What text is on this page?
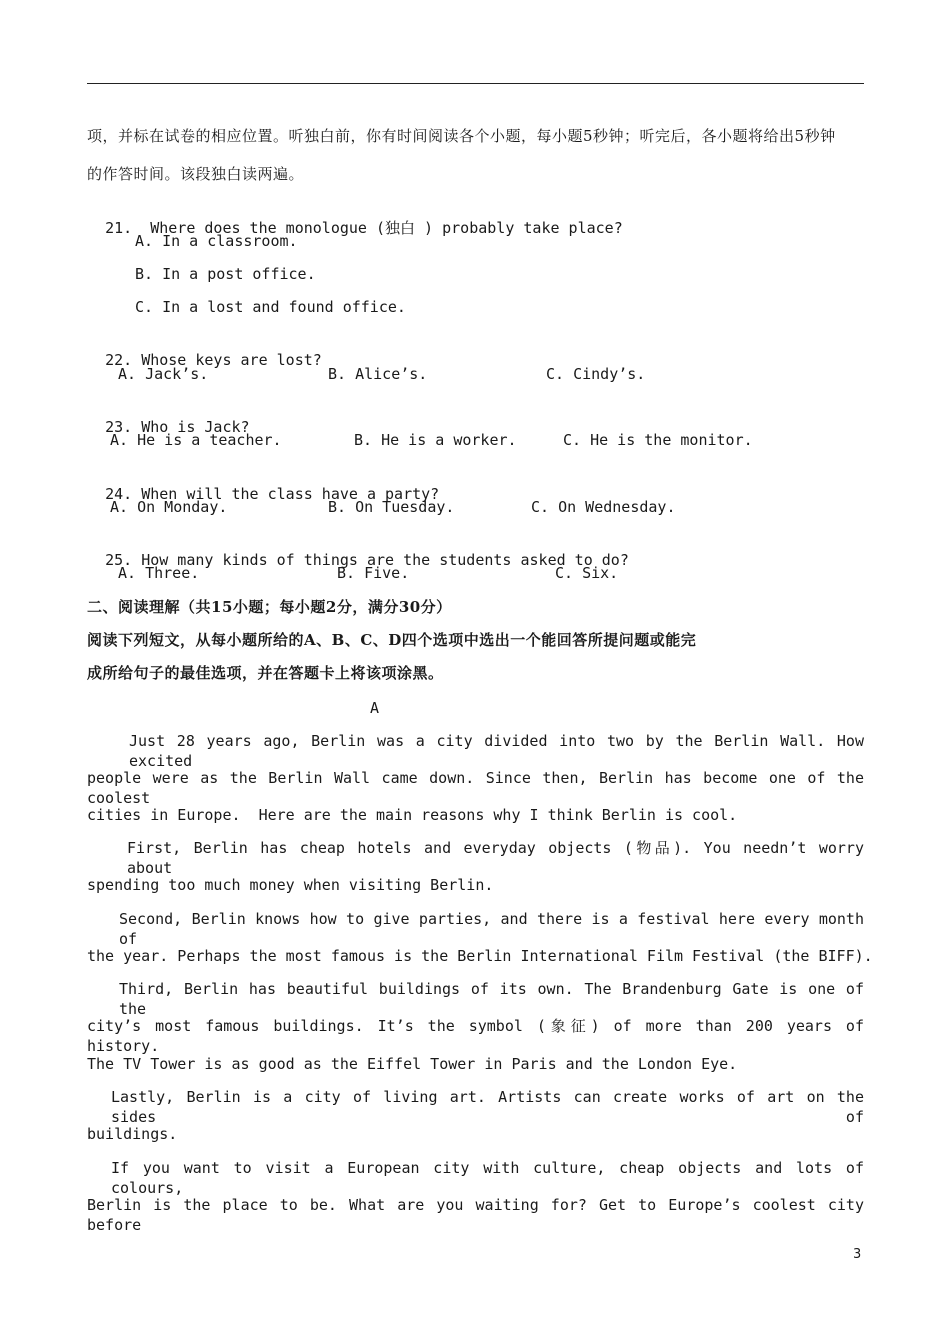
项，并标在试卷的相应位置。听独白前，你有时间阅读各个小题，每小题5秒钟；听完后，各小题将给出5秒钟
的作答时间。该段独白读两遍。

21. Where does the monologue (独白 ) probably take place?

A. In a classroom.
B. In a post office.
C. In a lost and found office.

22. Whose keys are lost?

A. Jack’s.

	B. Alice’s.

	C. Cindy’s.

23. Who is Jack?

A. He is a teacher.

	B. He is a worker.

	C. He is the monitor.

24. When will the class have a party?

A. On Monday.

	B. On Tuesday.

	C. On Wednesday.

25. How many kinds of things are the students asked to do?

A. Three.

	B. Five.

	C. Six.

二、阅读理解（共15小题；每小题2分，满分30分）
阅读下列短文，从每小题所给的A、B、C、D四个选项中选出一个能回答所提问题或能完
成所给句子的最佳选项，并在答题卡上将该项涂黑。
A
Just 28 years ago, Berlin was a city divided into two by the Berlin Wall. How excited
people were as the Berlin Wall came down. Since then, Berlin has become one of the coolest
cities in Europe.  Here are the main reasons why I think Berlin is cool.
First, Berlin has cheap hotels and everyday objects (物品). You needn’t worry about
spending too much money when visiting Berlin.
Second, Berlin knows how to give parties, and there is a festival here every month of
the year. Perhaps the most famous is the Berlin International Film Festival (the BIFF).
Third, Berlin has beautiful buildings of its own. The Brandenburg Gate is one of the
city’s most famous buildings. It’s the symbol (象征) of more than 200 years of history.
The TV Tower is as good as the Eiffel Tower in Paris and the London Eye.
Lastly, Berlin is a city of living art. Artists can create works of art on the sides of
buildings.
If you want to visit a European city with culture, cheap objects and lots of colours,
Berlin is the place to be. What are you waiting for? Get to Europe’s coolest city before
3
